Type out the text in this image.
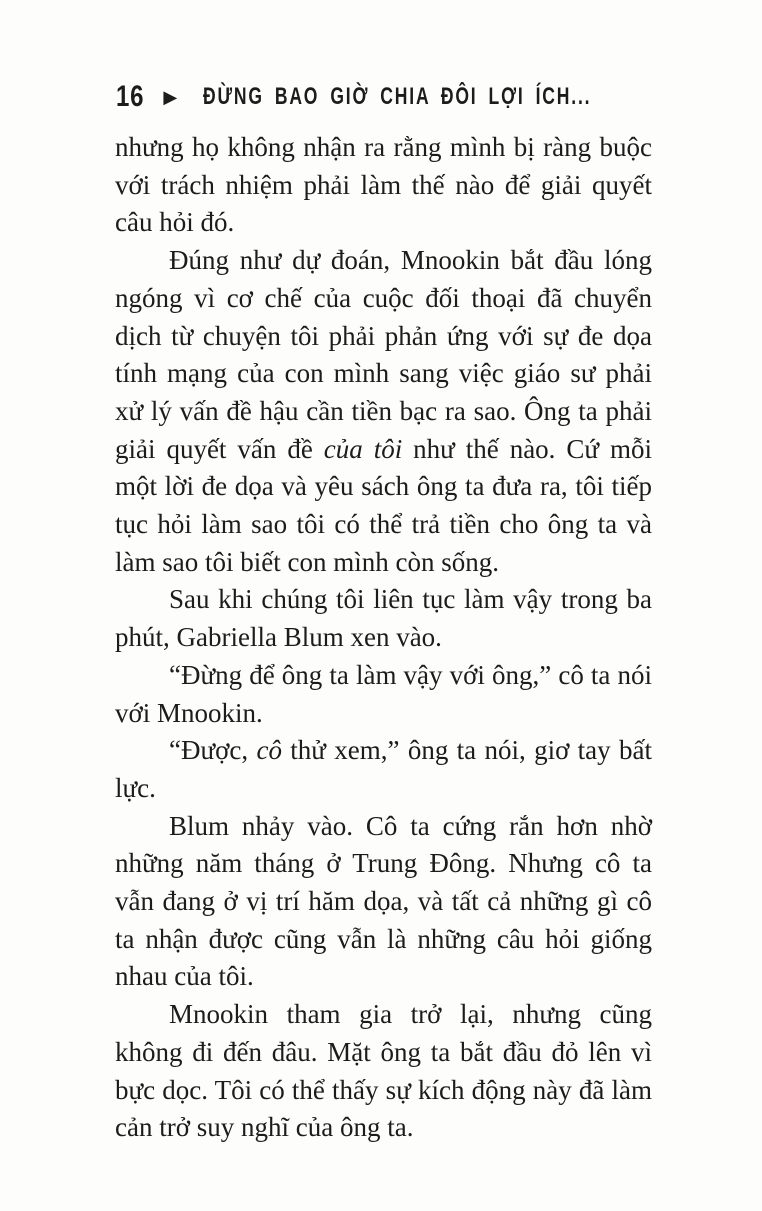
16 ▶ ĐỪNG BAO GIỜ CHIA ĐÔI LỢI ÍCH...

nhưng họ không nhận ra rằng mình bị ràng buộc với trách nhiệm phải làm thế nào để giải quyết câu hỏi đó.

Đúng như dự đoán, Mnookin bắt đầu lóng ngóng vì cơ chế của cuộc đối thoại đã chuyển dịch từ chuyện tôi phải phản ứng với sự đe dọa tính mạng của con mình sang việc giáo sư phải xử lý vấn đề hậu cần tiền bạc ra sao. Ông ta phải giải quyết vấn đề của tôi như thế nào. Cứ mỗi một lời đe dọa và yêu sách ông ta đưa ra, tôi tiếp tục hỏi làm sao tôi có thể trả tiền cho ông ta và làm sao tôi biết con mình còn sống.

Sau khi chúng tôi liên tục làm vậy trong ba phút, Gabriella Blum xen vào.

“Đừng để ông ta làm vậy với ông,” cô ta nói với Mnookin.

“Được, cô thử xem,” ông ta nói, giơ tay bất lực.

Blum nhảy vào. Cô ta cứng rắn hơn nhờ những năm tháng ở Trung Đông. Nhưng cô ta vẫn đang ở vị trí hăm dọa, và tất cả những gì cô ta nhận được cũng vẫn là những câu hỏi giống nhau của tôi.

Mnookin tham gia trở lại, nhưng cũng không đi đến đâu. Mặt ông ta bắt đầu đỏ lên vì bực dọc. Tôi có thể thấy sự kích động này đã làm cản trở suy nghĩ của ông ta.
